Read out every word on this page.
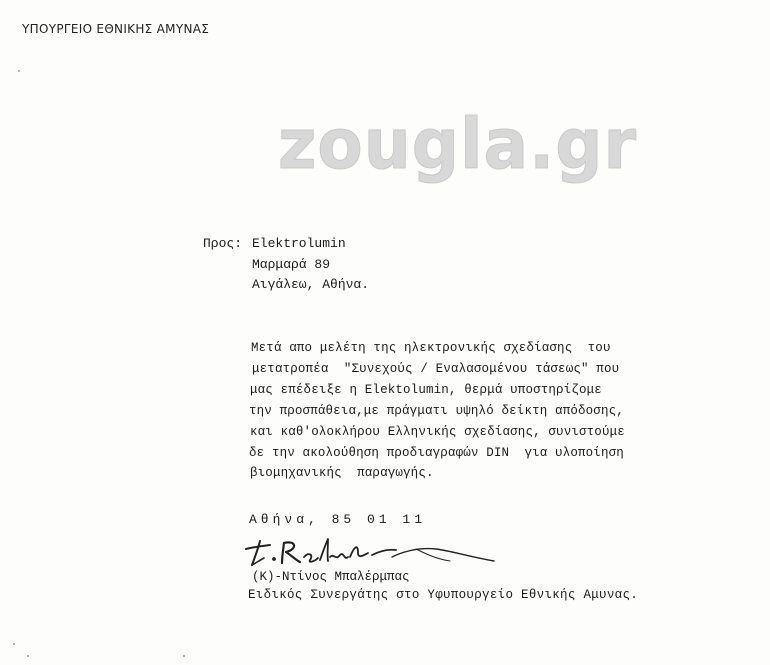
ΥΠΟΥΡΓΕΙΟ ΕΘΝΙΚΗΣ ΑΜΥΝΑΣ
zougla.gr
Προς: Elektrolumin
Μαρμαρά 89
Αιγάλεω, Αθήνα.
Μετά απο μελέτη της ηλεκτρονικής σχεδίασης  του
μετατροπέα  "Συνεχούς / Εναλασομένου τάσεως" που
μας επέδειξε η Elektolumin, θερμά υποστηρίζομε
την προσπάθεια,με πράγματι υψηλό δείκτη απόδοσης,
και καθ'ολοκλήρου Ελληνικής σχεδίασης, συνιστούμε
δε την ακολούθηση προδιαγραφών DIN  για υλοποίηση
βιομηχανικής  παραγωγής.
Αθήνα, 85 01 11
(Κ)-Ντίνος Μπαλέρμπας
Ειδικός Συνεργάτης στο Υφυπουργείο Εθνικής Αμυνας.
